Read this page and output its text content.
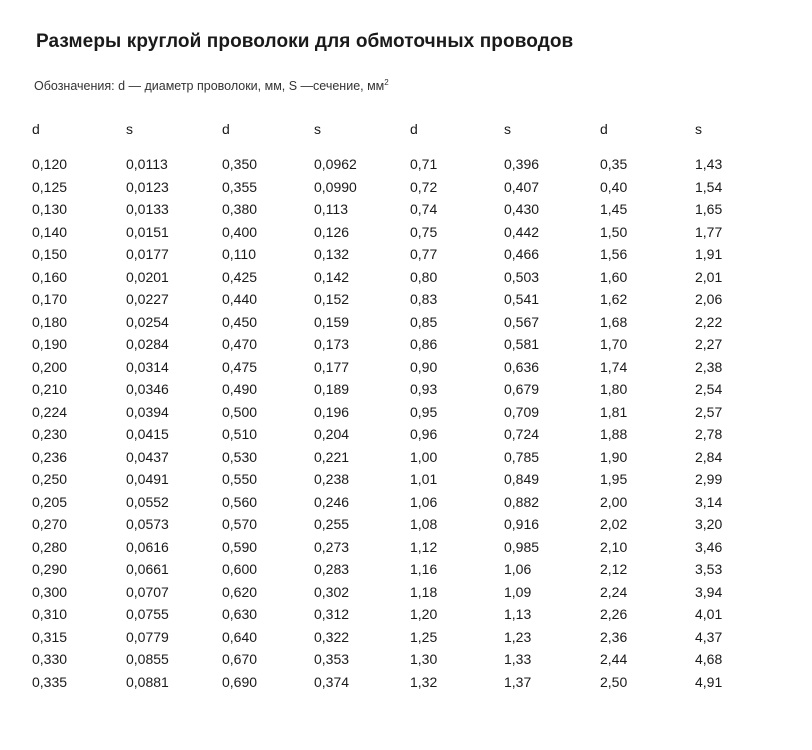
Размеры круглой проволоки для обмоточных проводов
Обозначения: d — диаметр проволоки, мм, S —сечение, $мм^2$
d	s	d	s	d	s	d	s
0,120	0,0113	0,350	0,0962	0,71	0,396	0,35	1,43
0,125	0,0123	0,355	0,0990	0,72	0,407	0,40	1,54
0,130	0,0133	0,380	0,113	0,74	0,430	1,45	1,65
0,140	0,0151	0,400	0,126	0,75	0,442	1,50	1,77
0,150	0,0177	0,110	0,132	0,77	0,466	1,56	1,91
0,160	0,0201	0,425	0,142	0,80	0,503	1,60	2,01
0,170	0,0227	0,440	0,152	0,83	0,541	1,62	2,06
0,180	0,0254	0,450	0,159	0,85	0,567	1,68	2,22
0,190	0,0284	0,470	0,173	0,86	0,581	1,70	2,27
0,200	0,0314	0,475	0,177	0,90	0,636	1,74	2,38
0,210	0,0346	0,490	0,189	0,93	0,679	1,80	2,54
0,224	0,0394	0,500	0,196	0,95	0,709	1,81	2,57
0,230	0,0415	0,510	0,204	0,96	0,724	1,88	2,78
0,236	0,0437	0,530	0,221	1,00	0,785	1,90	2,84
0,250	0,0491	0,550	0,238	1,01	0,849	1,95	2,99
0,205	0,0552	0,560	0,246	1,06	0,882	2,00	3,14
0,270	0,0573	0,570	0,255	1,08	0,916	2,02	3,20
0,280	0,0616	0,590	0,273	1,12	0,985	2,10	3,46
0,290	0,0661	0,600	0,283	1,16	1,06	2,12	3,53
0,300	0,0707	0,620	0,302	1,18	1,09	2,24	3,94
0,310	0,0755	0,630	0,312	1,20	1,13	2,26	4,01
0,315	0,0779	0,640	0,322	1,25	1,23	2,36	4,37
0,330	0,0855	0,670	0,353	1,30	1,33	2,44	4,68
0,335	0,0881	0,690	0,374	1,32	1,37	2,50	4,91
